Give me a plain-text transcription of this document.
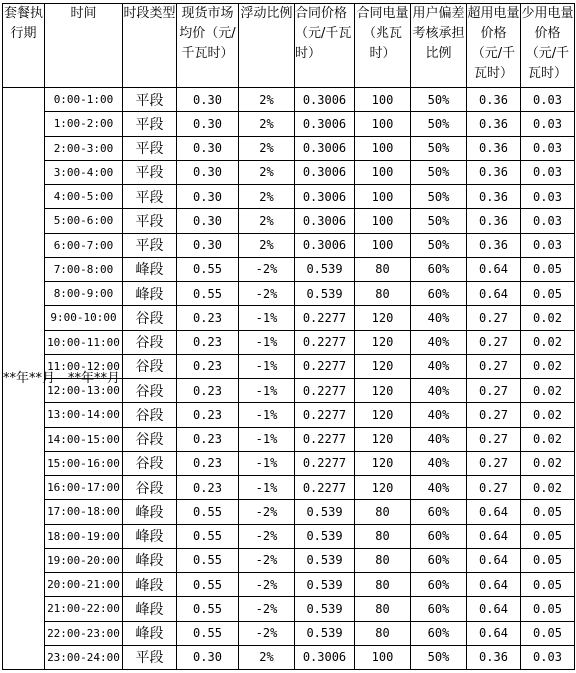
套餐执行期	时间	时段类型	现货市场均价（元/千瓦时）	浮动比例	合同价格（元/千瓦时）	合同电量（兆瓦时）	用户偏差考核承担比例	超用电量价格（元/千瓦时）	少用电量价格（元/千瓦时）
**年**月—**年**月	0:00-1:00	平段	0.30	2%	0.3006	100	50%	0.36	0.03
	1:00-2:00	平段	0.30	2%	0.3006	100	50%	0.36	0.03
	2:00-3:00	平段	0.30	2%	0.3006	100	50%	0.36	0.03
	3:00-4:00	平段	0.30	2%	0.3006	100	50%	0.36	0.03
	4:00-5:00	平段	0.30	2%	0.3006	100	50%	0.36	0.03
	5:00-6:00	平段	0.30	2%	0.3006	100	50%	0.36	0.03
	6:00-7:00	平段	0.30	2%	0.3006	100	50%	0.36	0.03
	7:00-8:00	峰段	0.55	-2%	0.539	80	60%	0.64	0.05
	8:00-9:00	峰段	0.55	-2%	0.539	80	60%	0.64	0.05
	9:00-10:00	谷段	0.23	-1%	0.2277	120	40%	0.27	0.02
	10:00-11:00	谷段	0.23	-1%	0.2277	120	40%	0.27	0.02
	11:00-12:00	谷段	0.23	-1%	0.2277	120	40%	0.27	0.02
	12:00-13:00	谷段	0.23	-1%	0.2277	120	40%	0.27	0.02
	13:00-14:00	谷段	0.23	-1%	0.2277	120	40%	0.27	0.02
	14:00-15:00	谷段	0.23	-1%	0.2277	120	40%	0.27	0.02
	15:00-16:00	谷段	0.23	-1%	0.2277	120	40%	0.27	0.02
	16:00-17:00	谷段	0.23	-1%	0.2277	120	40%	0.27	0.02
	17:00-18:00	峰段	0.55	-2%	0.539	80	60%	0.64	0.05
	18:00-19:00	峰段	0.55	-2%	0.539	80	60%	0.64	0.05
	19:00-20:00	峰段	0.55	-2%	0.539	80	60%	0.64	0.05
	20:00-21:00	峰段	0.55	-2%	0.539	80	60%	0.64	0.05
	21:00-22:00	峰段	0.55	-2%	0.539	80	60%	0.64	0.05
	22:00-23:00	峰段	0.55	-2%	0.539	80	60%	0.64	0.05
	23:00-24:00	平段	0.30	2%	0.3006	100	50%	0.36	0.03
